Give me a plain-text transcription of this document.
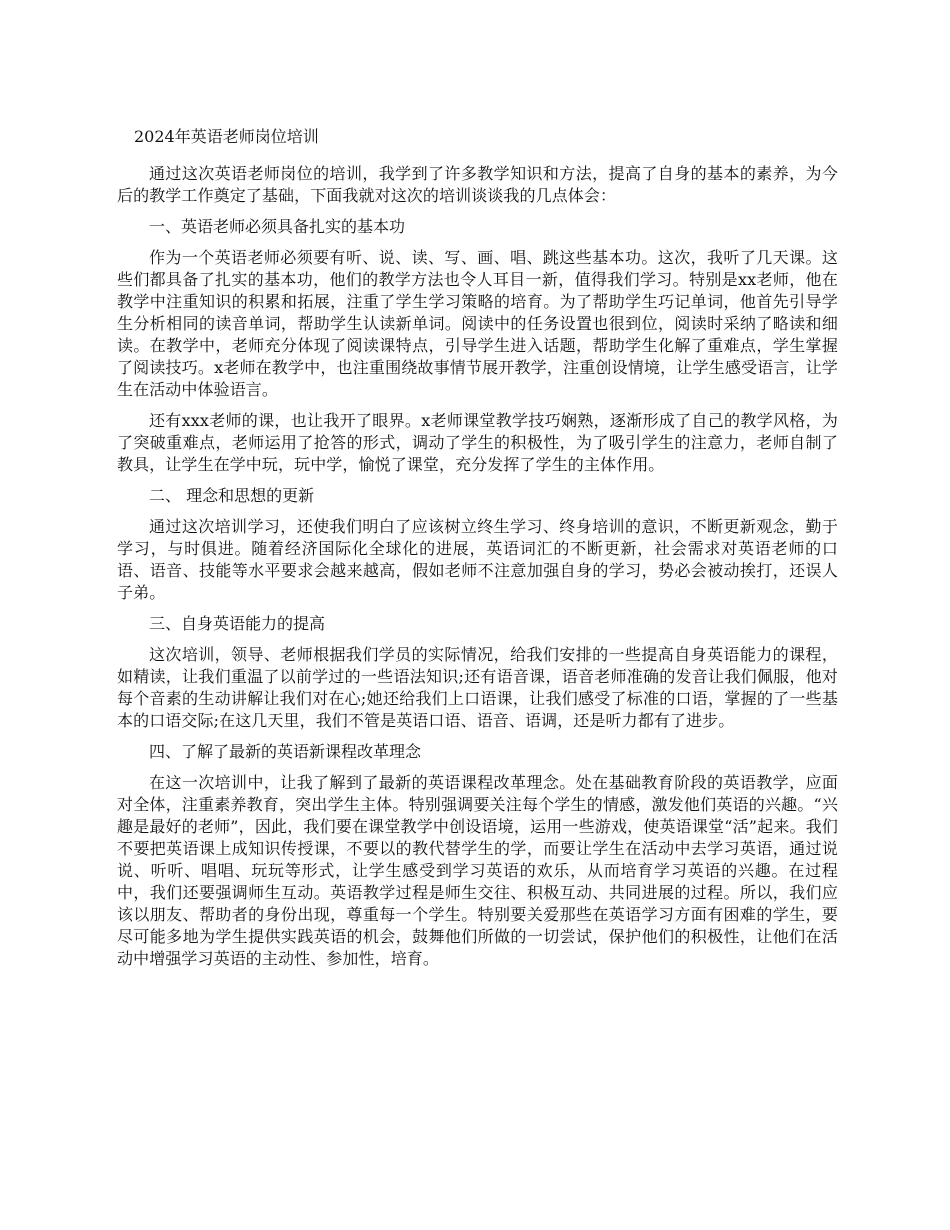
2024年英语老师岗位培训

通过这次英语老师岗位的培训，我学到了许多教学知识和方法，提高了自身的基本的素养，为今后的教学工作奠定了基础，下面我就对这次的培训谈谈我的几点体会：

一、英语老师必须具备扎实的基本功

作为一个英语老师必须要有听、说、读、写、画、唱、跳这些基本功。这次，我听了几天课。这些们都具备了扎实的基本功，他们的教学方法也令人耳目一新，值得我们学习。特别是xx老师，他在教学中注重知识的积累和拓展，注重了学生学习策略的培育。为了帮助学生巧记单词，他首先引导学生分析相同的读音单词，帮助学生认读新单词。阅读中的任务设置也很到位，阅读时采纳了略读和细读。在教学中，老师充分体现了阅读课特点，引导学生进入话题，帮助学生化解了重难点，学生掌握了阅读技巧。x老师在教学中，也注重围绕故事情节展开教学，注重创设情境，让学生感受语言，让学生在活动中体验语言。

还有xxx老师的课，也让我开了眼界。x老师课堂教学技巧娴熟，逐渐形成了自己的教学风格，为了突破重难点，老师运用了抢答的形式，调动了学生的积极性，为了吸引学生的注意力，老师自制了教具，让学生在学中玩，玩中学，愉悦了课堂，充分发挥了学生的主体作用。

二、 理念和思想的更新

通过这次培训学习，还使我们明白了应该树立终生学习、终身培训的意识，不断更新观念，勤于学习，与时俱进。随着经济国际化全球化的进展，英语词汇的不断更新，社会需求对英语老师的口语、语音、技能等水平要求会越来越高，假如老师不注意加强自身的学习，势必会被动挨打，还误人子弟。

三、自身英语能力的提高

这次培训，领导、老师根据我们学员的实际情况，给我们安排的一些提高自身英语能力的课程，如精读，让我们重温了以前学过的一些语法知识;还有语音课，语音老师准确的发音让我们佩服，他对每个音素的生动讲解让我们对在心;她还给我们上口语课，让我们感受了标准的口语，掌握的了一些基本的口语交际;在这几天里，我们不管是英语口语、语音、语调，还是听力都有了进步。

四、了解了最新的英语新课程改革理念

在这一次培训中，让我了解到了最新的英语课程改革理念。处在基础教育阶段的英语教学，应面对全体，注重素养教育，突出学生主体。特别强调要关注每个学生的情感，激发他们英语的兴趣。“兴趣是最好的老师”，因此，我们要在课堂教学中创设语境，运用一些游戏，使英语课堂“活”起来。我们不要把英语课上成知识传授课，不要以的教代替学生的学，而要让学生在活动中去学习英语，通过说说、听听、唱唱、玩玩等形式，让学生感受到学习英语的欢乐，从而培育学习英语的兴趣。在过程中，我们还要强调师生互动。英语教学过程是师生交往、积极互动、共同进展的过程。所以，我们应该以朋友、帮助者的身份出现，尊重每一个学生。特别要关爱那些在英语学习方面有困难的学生，要尽可能多地为学生提供实践英语的机会，鼓舞他们所做的一切尝试，保护他们的积极性，让他们在活动中增强学习英语的主动性、参加性，培育。
